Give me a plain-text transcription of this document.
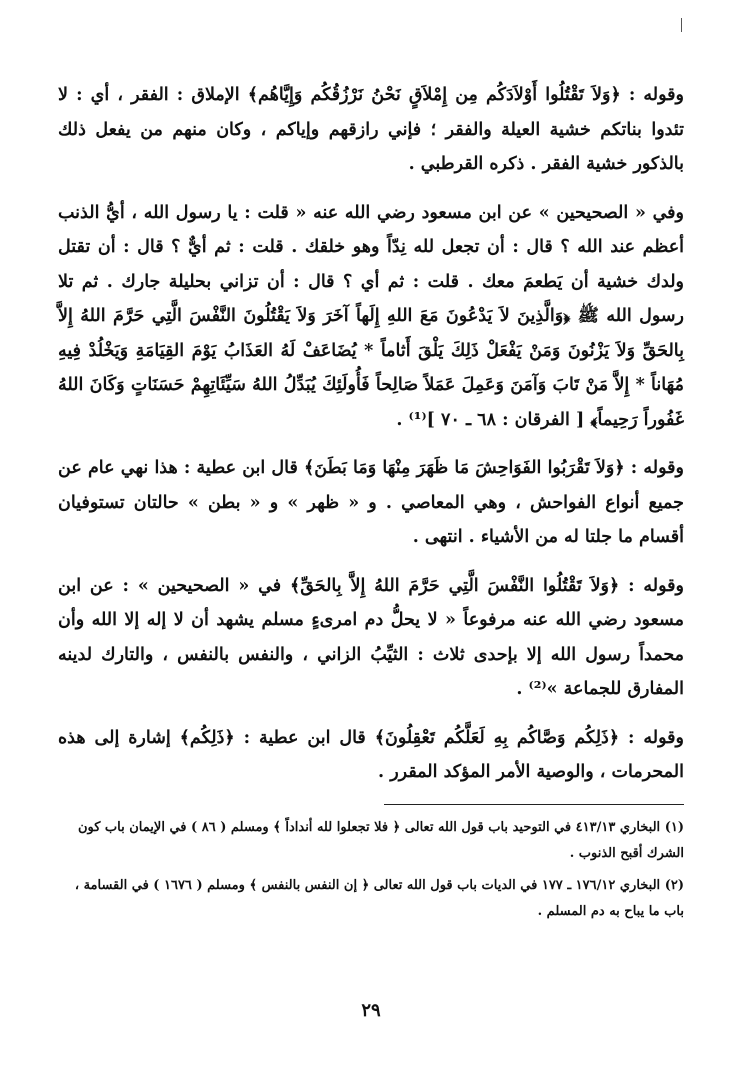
وقوله : ﴿وَلاَ تَقْتُلُوا أَوْلاَدَكُم مِن إِمْلاَقٍ نَحْنُ نَرْزُقُكُم وَإِيَّاهُم﴾ الإملاق : الفقر ، أي : لا تئدوا بناتكم خشية العيلة والفقر ؛ فإني رازقهم وإياكم ، وكان منهم من يفعل ذلك بالذكور خشية الفقر . ذكره القرطبي .

وفي « الصحيحين » عن ابن مسعود رضي الله عنه « قلت : يا رسول الله ، أيُّ الذنب أعظم عند الله ؟ قال : أن تجعل لله نِدّاً وهو خلقك . قلت : ثم أيٌّ ؟ قال : أن تقتل ولدك خشية أن يَطعمَ معك . قلت : ثم أي ؟ قال : أن تزاني بحليلة جارك . ثم تلا رسول الله ﷺ ﴿وَالَّذِينَ لاَ يَدْعُونَ مَعَ اللهِ إِلَهاً آخَرَ وَلاَ يَقْتُلُونَ النَّفْسَ الَّتِي حَرَّمَ اللهُ إِلاَّ بِالحَقِّ وَلاَ يَزْنُونَ وَمَنْ يَفْعَلْ ذَلِكَ يَلْقَ أَثاماً * يُضَاعَفْ لَهُ العَذَابُ يَوْمَ القِيَامَةِ وَيَخْلُدْ فِيهِ مُهَاناً * إِلاَّ مَنْ تَابَ وَآمَنَ وَعَمِلَ عَمَلاً صَالِحاً فَأُولَئِكَ يُبَدِّلُ اللهُ سَيِّئَاتِهِمْ حَسَنَاتٍ وَكَانَ اللهُ غَفُوراً رَحِيماً﴾ [ الفرقان : ٦٨ ـ ٧٠ ]⁽¹⁾ .

وقوله : ﴿وَلاَ تَقْرَبُوا الفَوَاحِشَ مَا ظَهَرَ مِنْهَا وَمَا بَطَنَ﴾ قال ابن عطية : هذا نهي عام عن جميع أنواع الفواحش ، وهي المعاصي . و « ظهر » و « بطن » حالتان تستوفيان أقسام ما جلتا له من الأشياء . انتهى .

وقوله : ﴿وَلاَ تَقْتُلُوا النَّفْسَ الَّتِي حَرَّمَ اللهُ إِلاَّ بِالحَقِّ﴾ في « الصحيحين » : عن ابن مسعود رضي الله عنه مرفوعاً « لا يحلُّ دم امرىءٍ مسلم يشهد أن لا إله إلا الله وأن محمداً رسول الله إلا بإحدى ثلاث : الثيِّبُ الزاني ، والنفس بالنفس ، والتارك لدينه المفارق للجماعة »⁽²⁾ .

وقوله : ﴿ذَلِكُم وَصَّاكُم بِهِ لَعَلَّكُم تَعْقِلُونَ﴾ قال ابن عطية : ﴿ذَلِكُم﴾ إشارة إلى هذه المحرمات ، والوصية الأمر المؤكد المقرر .

(١) البخاري ٤١٣/١٣ في التوحيد باب قول الله تعالى ﴿ فلا تجعلوا لله أنداداً ﴾ ومسلم ( ٨٦ ) في الإيمان باب كون الشرك أقبح الذنوب .

(٢) البخاري ١٧٦/١٢ ـ ١٧٧ في الديات باب قول الله تعالى ﴿ إن النفس بالنفس ﴾ ومسلم ( ١٦٧٦ ) في القسامة ، باب ما يباح به دم المسلم .

٢٩
